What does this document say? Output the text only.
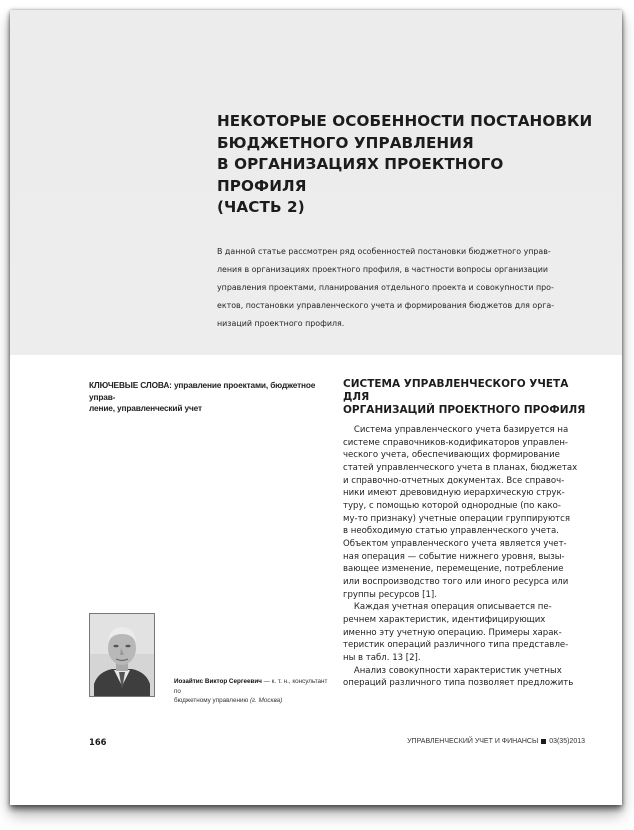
НЕКОТОРЫЕ ОСОБЕННОСТИ ПОСТАНОВКИ
БЮДЖЕТНОГО УПРАВЛЕНИЯ
В ОРГАНИЗАЦИЯХ ПРОЕКТНОГО ПРОФИЛЯ
(ЧАСТЬ 2)

В данной статье рассмотрен ряд особенностей постановки бюджетного управ-
ления в организациях проектного профиля, в частности вопросы организации
управления проектами, планирования отдельного проекта и совокупности про-
ектов, постановки управленческого учета и формирования бюджетов для орга-
низаций проектного профиля.

КЛЮЧЕВЫЕ СЛОВА: управление проектами, бюджетное управ-
ление, управленческий учет
СИСТЕМА УПРАВЛЕНЧЕСКОГО УЧЕТА ДЛЯ
ОРГАНИЗАЦИЙ ПРОЕКТНОГО ПРОФИЛЯ
Система управленческого учета базируется на
системе справочников-кодификаторов управлен-
ческого учета, обеспечивающих формирование
статей управленческого учета в планах, бюджетах
и справочно-отчетных документах. Все справоч-
ники имеют древовидную иерархическую струк-
туру, с помощью которой однородные (по како-
му-то признаку) учетные операции группируются
в необходимую статью управленческого учета.
Объектом управленческого учета является учет-
ная операция — событие нижнего уровня, вызы-
вающее изменение, перемещение, потребление
или воспроизводство того или иного ресурса или
группы ресурсов [1].
Каждая учетная операция описывается пе-
речнем характеристик, идентифицирующих
именно эту учетную операцию. Примеры харак-
теристик операций различного типа представле-
ны в табл. 13 [2].
Анализ совокупности характеристик учетных
операций различного типа позволяет предложить
Иозайтис Виктор Сергеевич — к. т. н., консультант по
бюджетному управлению (г. Москва)
166	УПРАВЛЕНЧЕСКИЙ УЧЕТ И ФИНАНСЫ 03(35)2013
